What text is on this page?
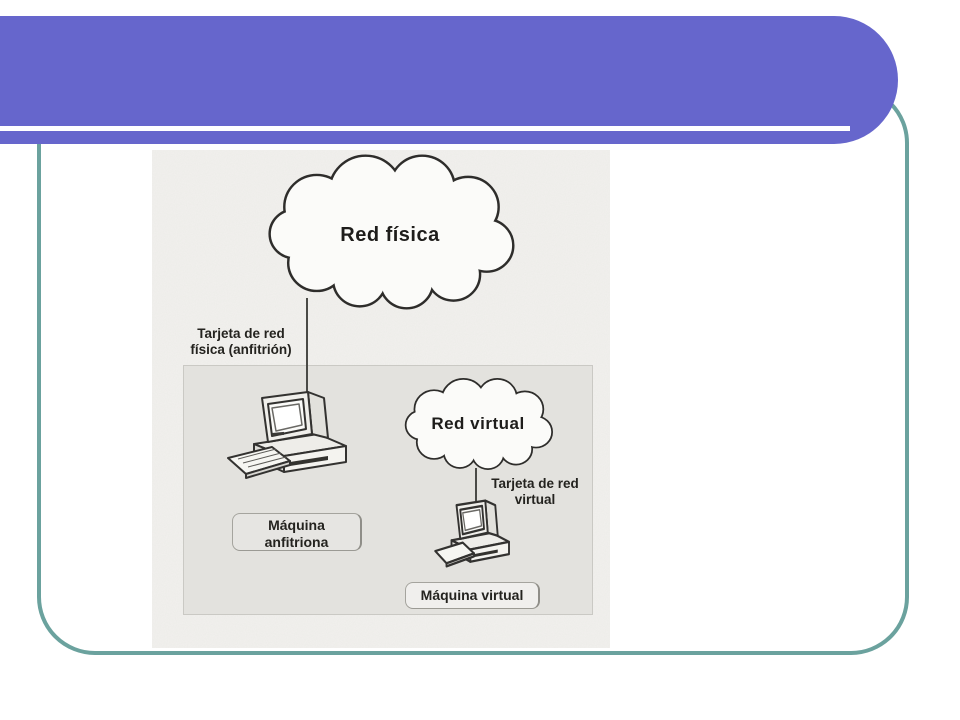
Red física
Red virtual
Tarjeta de red
física (anfitrión)
Tarjeta de red
virtual
Máquina
anfitriona
Máquina virtual
